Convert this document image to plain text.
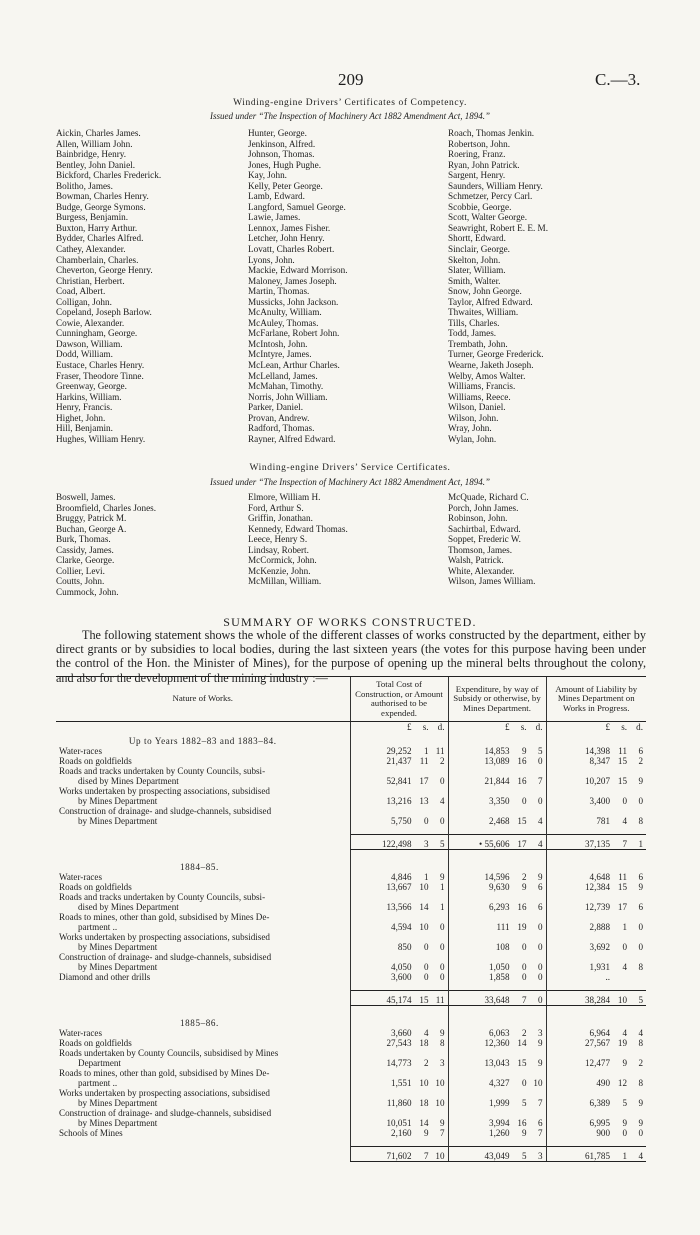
209	C.—3.
Winding-engine Drivers’ Certificates of Competency.
Issued under “The Inspection of Machinery Act 1882 Amendment Act, 1894.”
Aickin, Charles James.
Allen, William John.
Bainbridge, Henry.
Bentley, John Daniel.
Bickford, Charles Frederick.
Bolitho, James.
Bowman, Charles Henry.
Budge, George Symons.
Burgess, Benjamin.
Buxton, Harry Arthur.
Bydder, Charles Alfred.
Cathey, Alexander.
Chamberlain, Charles.
Cheverton, George Henry.
Christian, Herbert.
Coad, Albert.
Colligan, John.
Copeland, Joseph Barlow.
Cowie, Alexander.
Cunningham, George.
Dawson, William.
Dodd, William.
Eustace, Charles Henry.
Fraser, Theodore Tinne.
Greenway, George.
Harkins, William.
Henry, Francis.
Highet, John.
Hill, Benjamin.
Hughes, William Henry.
Hunter, George.
Jenkinson, Alfred.
Johnson, Thomas.
Jones, Hugh Pughe.
Kay, John.
Kelly, Peter George.
Lamb, Edward.
Langford, Samuel George.
Lawie, James.
Lennox, James Fisher.
Letcher, John Henry.
Lovatt, Charles Robert.
Lyons, John.
Mackie, Edward Morrison.
Maloney, James Joseph.
Martin, Thomas.
Mussicks, John Jackson.
McAnulty, William.
McAuley, Thomas.
McFarlane, Robert John.
McIntosh, John.
McIntyre, James.
McLean, Arthur Charles.
McLelland, James.
McMahan, Timothy.
Norris, John William.
Parker, Daniel.
Provan, Andrew.
Radford, Thomas.
Rayner, Alfred Edward.
Roach, Thomas Jenkin.
Robertson, John.
Roering, Franz.
Ryan, John Patrick.
Sargent, Henry.
Saunders, William Henry.
Schmetzer, Percy Carl.
Scobbie, George.
Scott, Walter George.
Seawright, Robert E. E. M.
Shortt, Edward.
Sinclair, George.
Skelton, John.
Slater, William.
Smith, Walter.
Snow, John George.
Taylor, Alfred Edward.
Thwaites, William.
Tills, Charles.
Todd, James.
Trembath, John.
Turner, George Frederick.
Wearne, Jaketh Joseph.
Welby, Amos Walter.
Williams, Francis.
Williams, Reece.
Wilson, Daniel.
Wilson, John.
Wray, John.
Wylan, John.
Winding-engine Drivers’ Service Certificates.
Issued under “The Inspection of Machinery Act 1882 Amendment Act, 1894.”
Boswell, James.
Broomfield, Charles Jones.
Bruggy, Patrick M.
Buchan, George A.
Burk, Thomas.
Cassidy, James.
Clarke, George.
Collier, Levi.
Coutts, John.
Cummock, John.
Elmore, William H.
Ford, Arthur S.
Griffin, Jonathan.
Kennedy, Edward Thomas.
Leece, Henry S.
Lindsay, Robert.
McCormick, John.
McKenzie, John.
McMillan, William.
McQuade, Richard C.
Porch, John James.
Robinson, John.
Sachirtbal, Edward.
Soppet, Frederic W.
Thomson, James.
Walsh, Patrick.
White, Alexander.
Wilson, James William.
SUMMARY OF WORKS CONSTRUCTED.

The following statement shows the whole of the different classes of works constructed by the department, either by direct grants or by subsidies to local bodies, during the last sixteen years (the votes for this purpose having been under the control of the Hon. the Minister of Mines), for the purpose of opening up the mineral belts throughout the colony, and also for the development of the mining industry :—

Nature of Works.	Total Cost of Construction, or Amount authorised to be expended.	Expenditure, by way of Subsidy or otherwise, by Mines Department.	Amount of Liability by Mines Department on Works in Progress.
	£ s. d.	£ s. d.	£ s. d.
Up to Years 1882–83 and 1883–84.			
Water-races	29,252 1 11	14,853 9 5	14,398 11 6
Roads on goldfields	21,437 11 2	13,089 16 0	8,347 15 2
Roads and tracks undertaken by County Councils, subsi-			
dised by Mines Department	52,841 17 0	21,844 16 7	10,207 15 9
Works undertaken by prospecting associations, subsidised			
by Mines Department	13,216 13 4	3,350 0 0	3,400 0 0
Construction of drainage- and sludge-channels, subsidised			
by Mines Department	5,750 0 0	2,468 15 4	781 4 8

	122,498 3 5	• 55,606 17 4	37,135 7 1

1884–85.			
Water-races	4,846 1 9	14,596 2 9	4,648 11 6
Roads on goldfields	13,667 10 1	9,630 9 6	12,384 15 9
Roads and tracks undertaken by County Councils, subsi-			
dised by Mines Department	13,566 14 1	6,293 16 6	12,739 17 6
Roads to mines, other than gold, subsidised by Mines De-			
partment ..	4,594 10 0	111 19 0	2,888 1 0
Works undertaken by prospecting associations, subsidised			
by Mines Department	850 0 0	108 0 0	3,692 0 0
Construction of drainage- and sludge-channels, subsidised			
by Mines Department	4,050 0 0	1,050 0 0	1,931 4 8
Diamond and other drills	3,600 0 0	1,858 0 0	..

	45,174 15 11	33,648 7 0	38,284 10 5

1885–86.			
Water-races	3,660 4 9	6,063 2 3	6,964 4 4
Roads on goldfields	27,543 18 8	12,360 14 9	27,567 19 8
Roads undertaken by County Councils, subsidised by Mines			
Department	14,773 2 3	13,043 15 9	12,477 9 2
Roads to mines, other than gold, subsidised by Mines De-			
partment ..	1,551 10 10	4,327 0 10	490 12 8
Works undertaken by prospecting associations, subsidised			
by Mines Department	11,860 18 10	1,999 5 7	6,389 5 9
Construction of drainage- and sludge-channels, subsidised			
by Mines Department	10,051 14 9	3,994 16 6	6,995 9 9
Schools of Mines	2,160 9 7	1,260 9 7	900 0 0

	71,602 7 10	43,049 5 3	61,785 1 4
